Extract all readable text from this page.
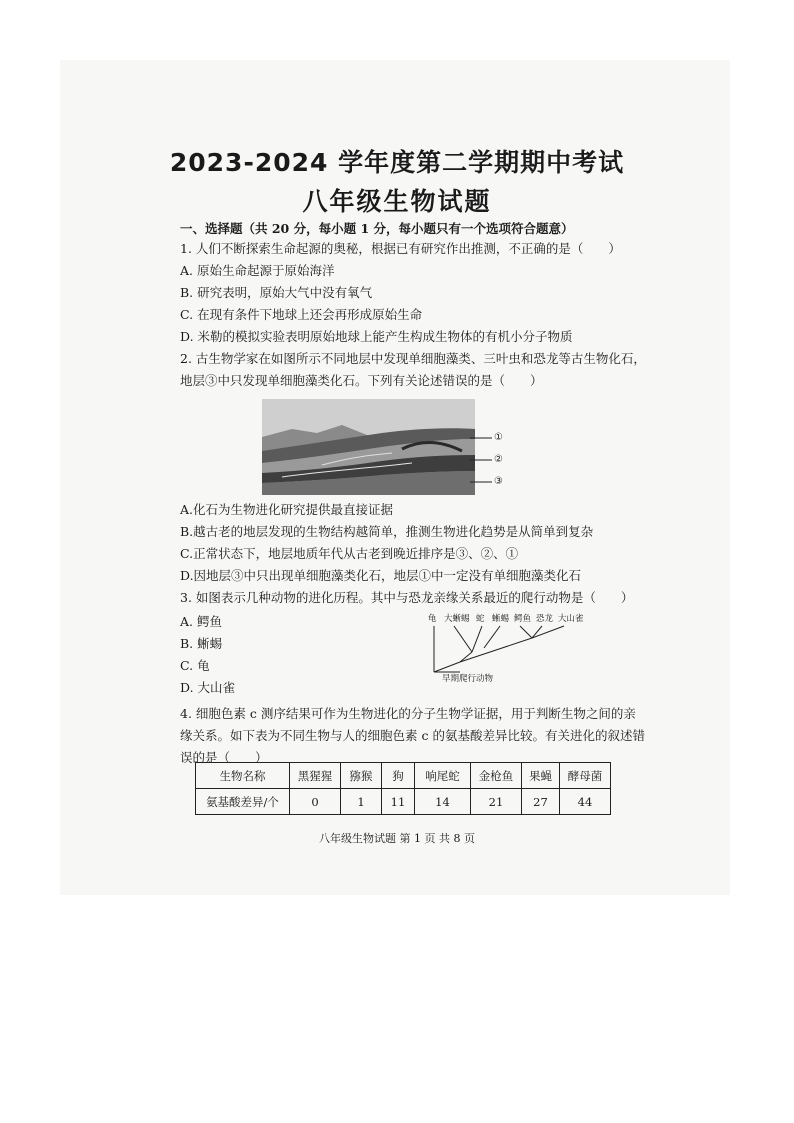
2023-2024 学年度第二学期期中考试
八年级生物试题
一、选择题（共 20 分，每小题 1 分，每小题只有一个选项符合题意）
1. 人们不断探索生命起源的奥秘，根据已有研究作出推测，不正确的是（　　）
A. 原始生命起源于原始海洋
B. 研究表明，原始大气中没有氧气
C. 在现有条件下地球上还会再形成原始生命
D. 米勒的模拟实验表明原始地球上能产生构成生物体的有机小分子物质
2. 古生物学家在如图所示不同地层中发现单细胞藻类、三叶虫和恐龙等古生物化石，
地层③中只发现单细胞藻类化石。下列有关论述错误的是（　　）
①
②
③
A.化石为生物进化研究提供最直接证据
B.越古老的地层发现的生物结构越简单，推测生物进化趋势是从简单到复杂
C.正常状态下，地层地质年代从古老到晚近排序是③、②、①
D.因地层③中只出现单细胞藻类化石，地层①中一定没有单细胞藻类化石
3. 如图表示几种动物的进化历程。其中与恐龙亲缘关系最近的爬行动物是（　　）
A. 鳄鱼
B. 蜥蜴
C. 龟
D. 大山雀
龟 大蜥蜴 蛇 蜥蜴 鳄鱼 恐龙 大山雀
早期爬行动物
4. 细胞色素 c 测序结果可作为生物进化的分子生物学证据，用于判断生物之间的亲
缘关系。如下表为不同生物与人的细胞色素 c 的氨基酸差异比较。有关进化的叙述错
误的是（　　）
生物名称	黑猩猩	猕猴	狗	响尾蛇	金枪鱼	果蝇	酵母菌
氨基酸差异/个	0	1	11	14	21	27	44
八年级生物试题 第 1 页 共 8 页
